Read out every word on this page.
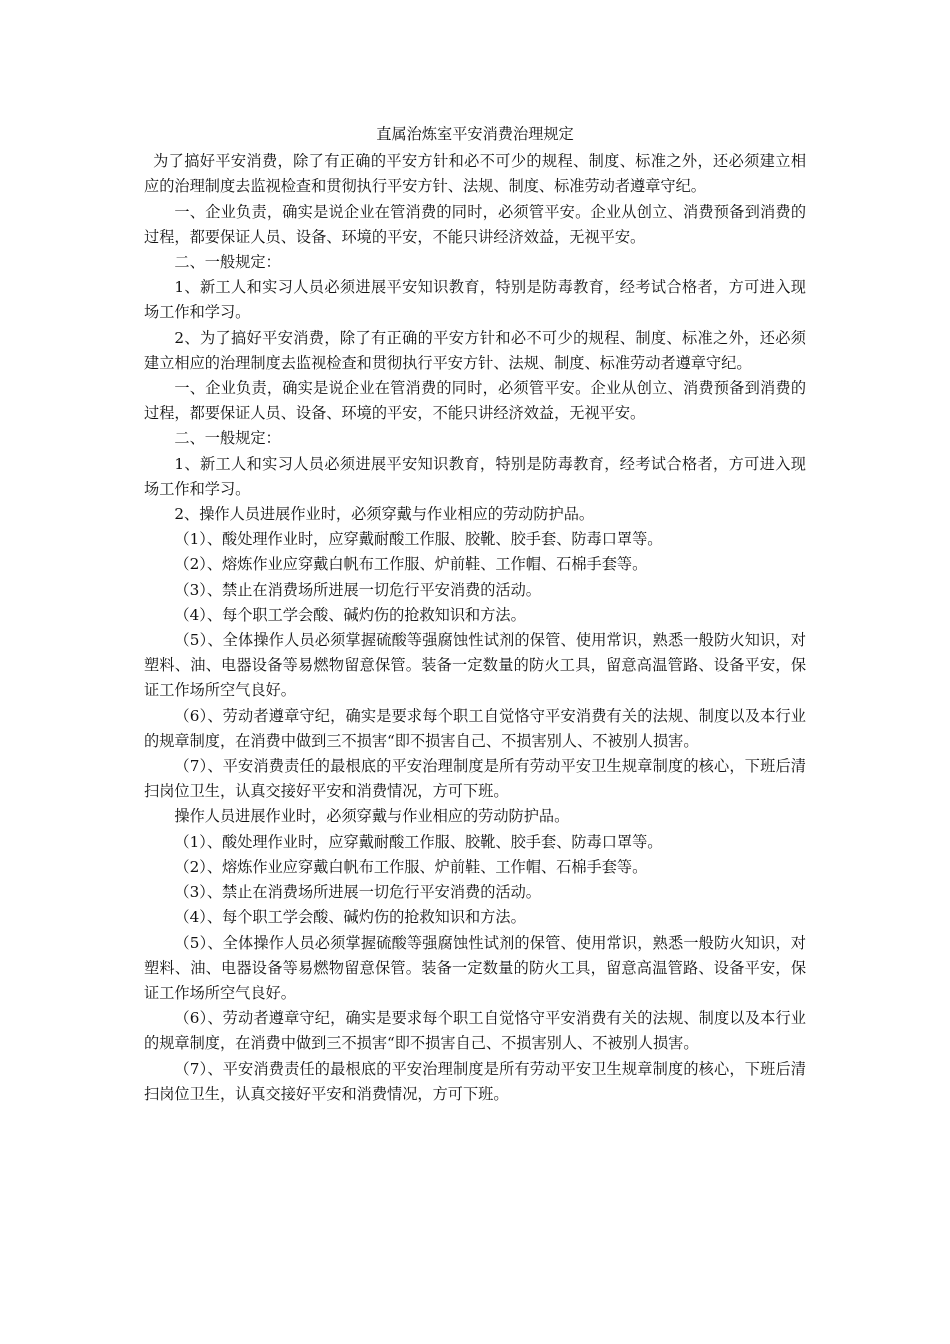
直属治炼室平安消费治理规定

为了搞好平安消费，除了有正确的平安方针和必不可少的规程、制度、标准之外，还必须建立相应的治理制度去监视检查和贯彻执行平安方针、法规、制度、标准劳动者遵章守纪。

一、企业负责，确实是说企业在管消费的同时，必须管平安。企业从创立、消费预备到消费的过程，都要保证人员、设备、环境的平安，不能只讲经济效益，无视平安。

二、一般规定：

1、新工人和实习人员必须进展平安知识教育，特别是防毒教育，经考试合格者，方可进入现场工作和学习。

2、为了搞好平安消费，除了有正确的平安方针和必不可少的规程、制度、标准之外，还必须建立相应的治理制度去监视检查和贯彻执行平安方针、法规、制度、标准劳动者遵章守纪。

一、企业负责，确实是说企业在管消费的同时，必须管平安。企业从创立、消费预备到消费的过程，都要保证人员、设备、环境的平安，不能只讲经济效益，无视平安。

二、一般规定：

1、新工人和实习人员必须进展平安知识教育，特别是防毒教育，经考试合格者，方可进入现场工作和学习。

2、操作人员进展作业时，必须穿戴与作业相应的劳动防护品。

（1）、酸处理作业时，应穿戴耐酸工作服、胶靴、胶手套、防毒口罩等。

（2）、熔炼作业应穿戴白帆布工作服、炉前鞋、工作帽、石棉手套等。

（3）、禁止在消费场所进展一切危行平安消费的活动。

（4）、每个职工学会酸、碱灼伤的抢救知识和方法。

（5）、全体操作人员必须掌握硫酸等强腐蚀性试剂的保管、使用常识，熟悉一般防火知识，对塑料、油、电器设备等易燃物留意保管。装备一定数量的防火工具，留意高温管路、设备平安，保证工作场所空气良好。

（6）、劳动者遵章守纪，确实是要求每个职工自觉恪守平安消费有关的法规、制度以及本行业的规章制度，在消费中做到三不损害“即不损害自己、不损害别人、不被别人损害。

（7）、平安消费责任的最根底的平安治理制度是所有劳动平安卫生规章制度的核心，下班后清扫岗位卫生，认真交接好平安和消费情况，方可下班。

操作人员进展作业时，必须穿戴与作业相应的劳动防护品。

（1）、酸处理作业时，应穿戴耐酸工作服、胶靴、胶手套、防毒口罩等。

（2）、熔炼作业应穿戴白帆布工作服、炉前鞋、工作帽、石棉手套等。

（3）、禁止在消费场所进展一切危行平安消费的活动。

（4）、每个职工学会酸、碱灼伤的抢救知识和方法。

（5）、全体操作人员必须掌握硫酸等强腐蚀性试剂的保管、使用常识，熟悉一般防火知识，对塑料、油、电器设备等易燃物留意保管。装备一定数量的防火工具，留意高温管路、设备平安，保证工作场所空气良好。

（6）、劳动者遵章守纪，确实是要求每个职工自觉恪守平安消费有关的法规、制度以及本行业的规章制度，在消费中做到三不损害“即不损害自己、不损害别人、不被别人损害。

（7）、平安消费责任的最根底的平安治理制度是所有劳动平安卫生规章制度的核心，下班后清扫岗位卫生，认真交接好平安和消费情况，方可下班。
